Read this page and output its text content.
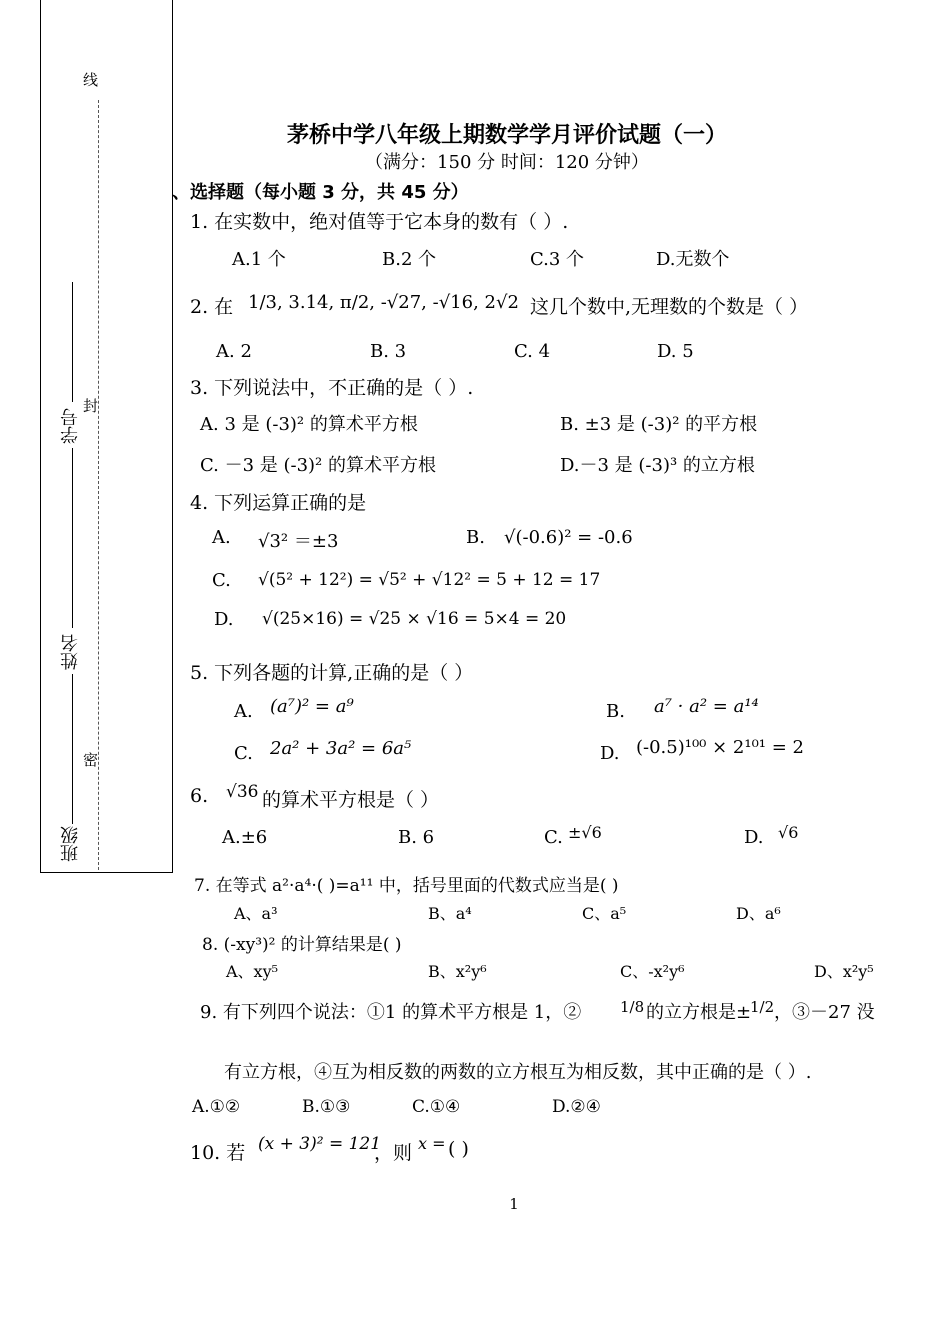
线
封
密
学号
姓名
班级
茅桥中学八年级上期数学学月评价试题（一）
（满分：150 分 时间：120 分钟）
、选择题（每小题 3 分，共 45 分）
1. 在实数中，绝对值等于它本身的数有（ ）.
A.1 个	B.2 个	C.3 个	D.无数个
2. 在 1/3, 3.14, π/2, -√27, -√16, 2√2 这几个数中,无理数的个数是（ ）
A. 2	B. 3	C. 4	D. 5
3. 下列说法中，不正确的是（ ）.
A. 3 是 (-3)² 的算术平方根	B. ±3 是 (-3)² 的平方根
C. －3 是 (-3)² 的算术平方根	D.－3 是 (-3)³ 的立方根
4. 下列运算正确的是
A. √3² ＝±3	B. √(-0.6)² = -0.6
C. √(5² + 12²) = √5² + √12² = 5 + 12 = 17
D. √(25×16) = √25 × √16 = 5×4 = 20
5. 下列各题的计算,正确的是（ ）
A. (a⁷)² = a⁹	B. a⁷ · a² = a¹⁴
C. 2a² + 3a² = 6a⁵	D. (-0.5)¹⁰⁰ × 2¹⁰¹ = 2
6. √36 的算术平方根是（ ）
A.±6	B. 6	C. ±√6	D. √6
7. 在等式 a²·a⁴·( )=a¹¹ 中，括号里面的代数式应当是( )
A、a³	B、a⁴	C、a⁵	D、a⁶
8. (-xy³)² 的计算结果是( )
A、xy⁵	B、x²y⁶	C、-x²y⁶	D、x²y⁵
9. 有下列四个说法：①1 的算术平方根是 1，②	1/8 的立方根是±
1/2 ，③－27 没
有立方根，④互为相反数的两数的立方根互为相反数，其中正确的是（ ）.
A.①②	B.①③	C.①④	D.②④
10. 若 (x + 3)² = 121
，则 x = ( )
1
